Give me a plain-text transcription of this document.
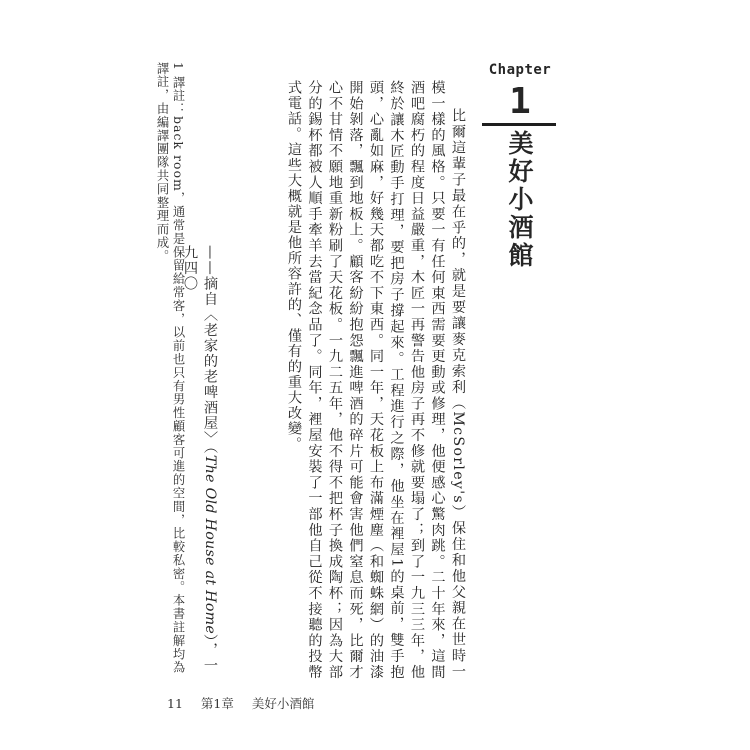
Chapter
1
美好小酒館

比爾這輩子最在乎的，就是要讓麥克索利（McSorley's）保住和他父親在世時一模一樣的風格。只要一有任何東西需要更動或修理，他便感心驚肉跳。二十年來，這間酒吧腐朽的程度日益嚴重，木匠一再警告他房子再不修就要塌了；到了一九三三年，他終於讓木匠動手打理，要把房子撐起來。工程進行之際，他坐在裡屋1的桌前，雙手抱頭，心亂如麻，好幾天都吃不下東西。同一年，天花板上布滿煙塵（和蜘蛛網）的油漆開始剝落，飄到地板上。顧客紛紛抱怨飄進啤酒的碎片可能會害他們窒息而死，比爾才心不甘情不願地重新粉刷了天花板。一九二五年，他不得不把杯子換成陶杯；因為大部分的錫杯都被人順手牽羊去當紀念品了。同年，裡屋安裝了一部他自己從不接聽的投幣式電話。這些大概就是他所容許的、僅有的重大改變。

——摘自〈老家的老啤酒屋〉（The Old House at Home），一九四〇
1 譯註：back room，通常是保留給常客，以前也只有男性顧客可進的空間，比較私密。本書註解均為譯註，由編譯團隊共同整理而成。
11 第1章 美好小酒館
